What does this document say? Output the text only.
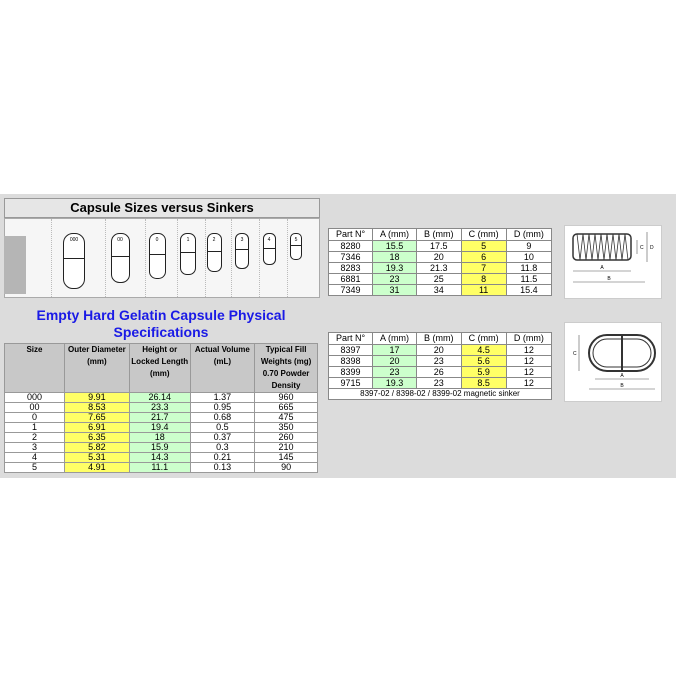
Capsule Sizes versus Sinkers
000	00	0	1	2	3	4	5
Empty Hard Gelatin Capsule Physical Specifications
Size	Outer Diameter (mm)	Height or Locked Length (mm)	Actual Volume (mL)	Typical Fill Weights (mg) 0.70 Powder Density
000	9.91	26.14	1.37	960
00	8.53	23.3	0.95	665
0	7.65	21.7	0.68	475
1	6.91	19.4	0.5	350
2	6.35	18	0.37	260
3	5.82	15.9	0.3	210
4	5.31	14.3	0.21	145
5	4.91	11.1	0.13	90
Part N°	A (mm)	B (mm)	C (mm)	D (mm)
8280	15.5	17.5	5	9
7346	18	20	6	10
8283	19.3	21.3	7	11.8
6881	23	25	8	11.5
7349	31	34	11	15.4
Part N°	A (mm)	B (mm)	C (mm)	D (mm)
8397	17	20	4.5	12
8398	20	23	5.6	12
8399	23	26	5.9	12
9715	19.3	23	8.5	12
8397-02 / 8398-02 / 8399-02 magnetic sinker				
A
B
C D
A
B
C
